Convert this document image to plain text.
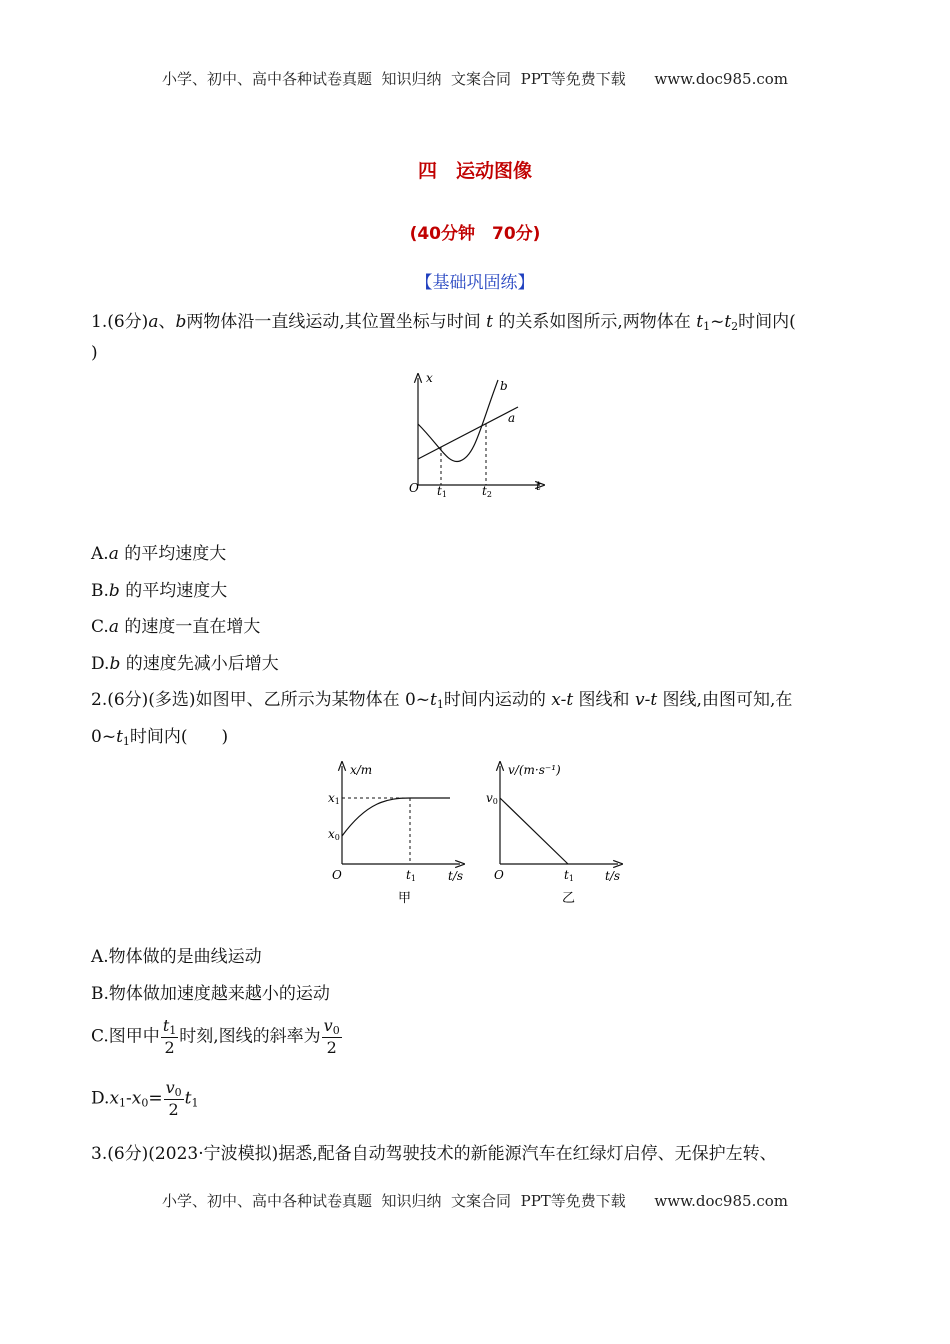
小学、初中、高中各种试卷真题  知识归纳  文案合同  PPT等免费下载      www.doc985.com
四　运动图像
(40分钟　70分)
【基础巩固练】
1.(6分)a、b两物体沿一直线运动,其位置坐标与时间 t 的关系如图所示,两物体在 $t_1\sim t_2$时间内(
)
x
t
O
b
a
t1	t2
A.a 的平均速度大
B.b 的平均速度大
C.a 的速度一直在增大
D.b 的速度先减小后增大
2.(6分)(多选)如图甲、乙所示为某物体在 $0\sim t_1$时间内运动的 x-t 图线和 v-t 图线,由图可知,在
$0\sim t_1$时间内(　　)
x/m
x1
x0
O	t1	t/s
甲
v/(m·s⁻¹)
v0
O	t1	t/s
乙
A.物体做的是曲线运动
B.物体做加速度越来越小的运动
C.图甲中 $\frac{t_1}{2}$ 时刻,图线的斜率为 $\frac{v_0}{2}$
$D.x_1-x_0= \frac{v_0}{2} t_1$
3.(6分)(2023·宁波模拟)据悉,配备自动驾驶技术的新能源汽车在红绿灯启停、无保护左转、
小学、初中、高中各种试卷真题  知识归纳  文案合同  PPT等免费下载      www.doc985.com
